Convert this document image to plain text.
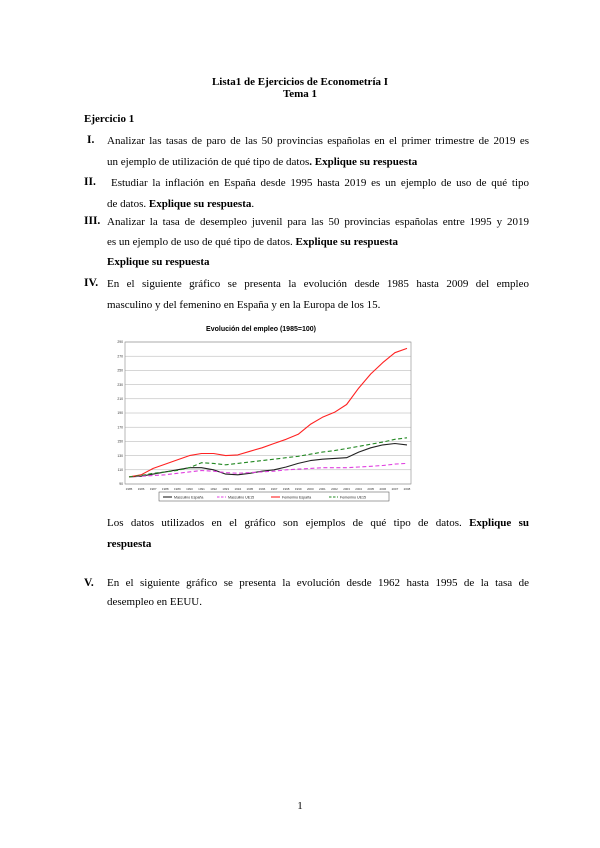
Lista1 de Ejercicios de Econometría I
Tema 1
Ejercicio 1
I. Analizar las tasas de paro de las 50 provincias españolas en el primer trimestre de 2019 es
un ejemplo de utilización de qué tipo de datos. Explique su respuesta
II. Estudiar la inflación en España desde 1995 hasta 2019 es un ejemplo de uso de qué tipo
de datos. Explique su respuesta.
III. Analizar la tasa de desempleo juvenil para las 50 provincias españolas entre 1995 y 2019
es un ejemplo de uso de qué tipo de datos. Explique su respuesta
Explique su respuesta
IV. En el siguiente gráfico se presenta la evolución desde 1985 hasta 2009 del empleo
masculino y del femenino en España y en la Europa de los 15.
Evolución del empleo (1985=100)
90
110
130
150
170
190
210
230
250
270
290
1985 1986 1987 1988 1989 1990 1991 1992 1993 1994 1995 1996 1997 1998 1999 2000 2001 2002 2003 2004 2005 2006 2007 2008
Masculino España	Masculino UE15	Femenino España	Femenino UE15
Los datos utilizados en el gráfico son ejemplos de qué tipo de datos. Explique su
respuesta
V. En el siguiente gráfico se presenta la evolución desde 1962 hasta 1995 de la tasa de
desempleo en EEUU.
1
